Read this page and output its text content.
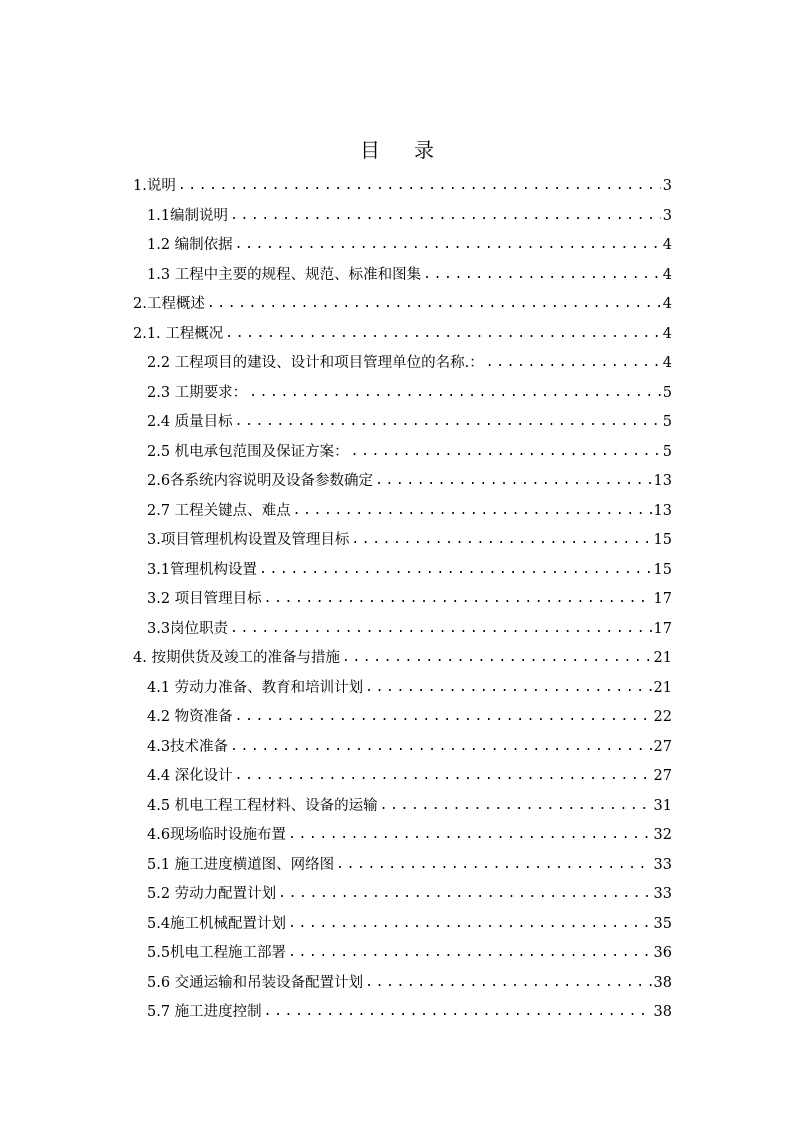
目 录
1.说明 .....	3
1.1编制说明 .....	3
1.2 编制依据 .....	4
1.3 工程中主要的规程、规范、标准和图集 .....	4
2.工程概述 .....	4
2.1. 工程概况 .....	4
2.2 工程项目的建设、设计和项目管理单位的名称.： .....	4
2.3 工期要求： .....	5
2.4 质量目标 .....	5
2.5 机电承包范围及保证方案： .....	5
2.6各系统内容说明及设备参数确定 .....	13
2.7 工程关键点、难点 .....	13
3.项目管理机构设置及管理目标 .....	15
3.1管理机构设置 .....	15
3.2 项目管理目标 .....	17
3.3岗位职责 .....	17
4. 按期供货及竣工的准备与措施 .....	21
4.1 劳动力准备、教育和培训计划 .....	21
4.2 物资准备 .....	22
4.3技术准备 .....	27
4.4 深化设计 .....	27
4.5 机电工程工程材料、设备的运输 .....	31
4.6现场临时设施布置 .....	32
5.1 施工进度横道图、网络图 .....	33
5.2 劳动力配置计划 .....	33
5.4施工机械配置计划 .....	35
5.5机电工程施工部署 .....	36
5.6 交通运输和吊装设备配置计划 .....	38
5.7 施工进度控制 .....	38
